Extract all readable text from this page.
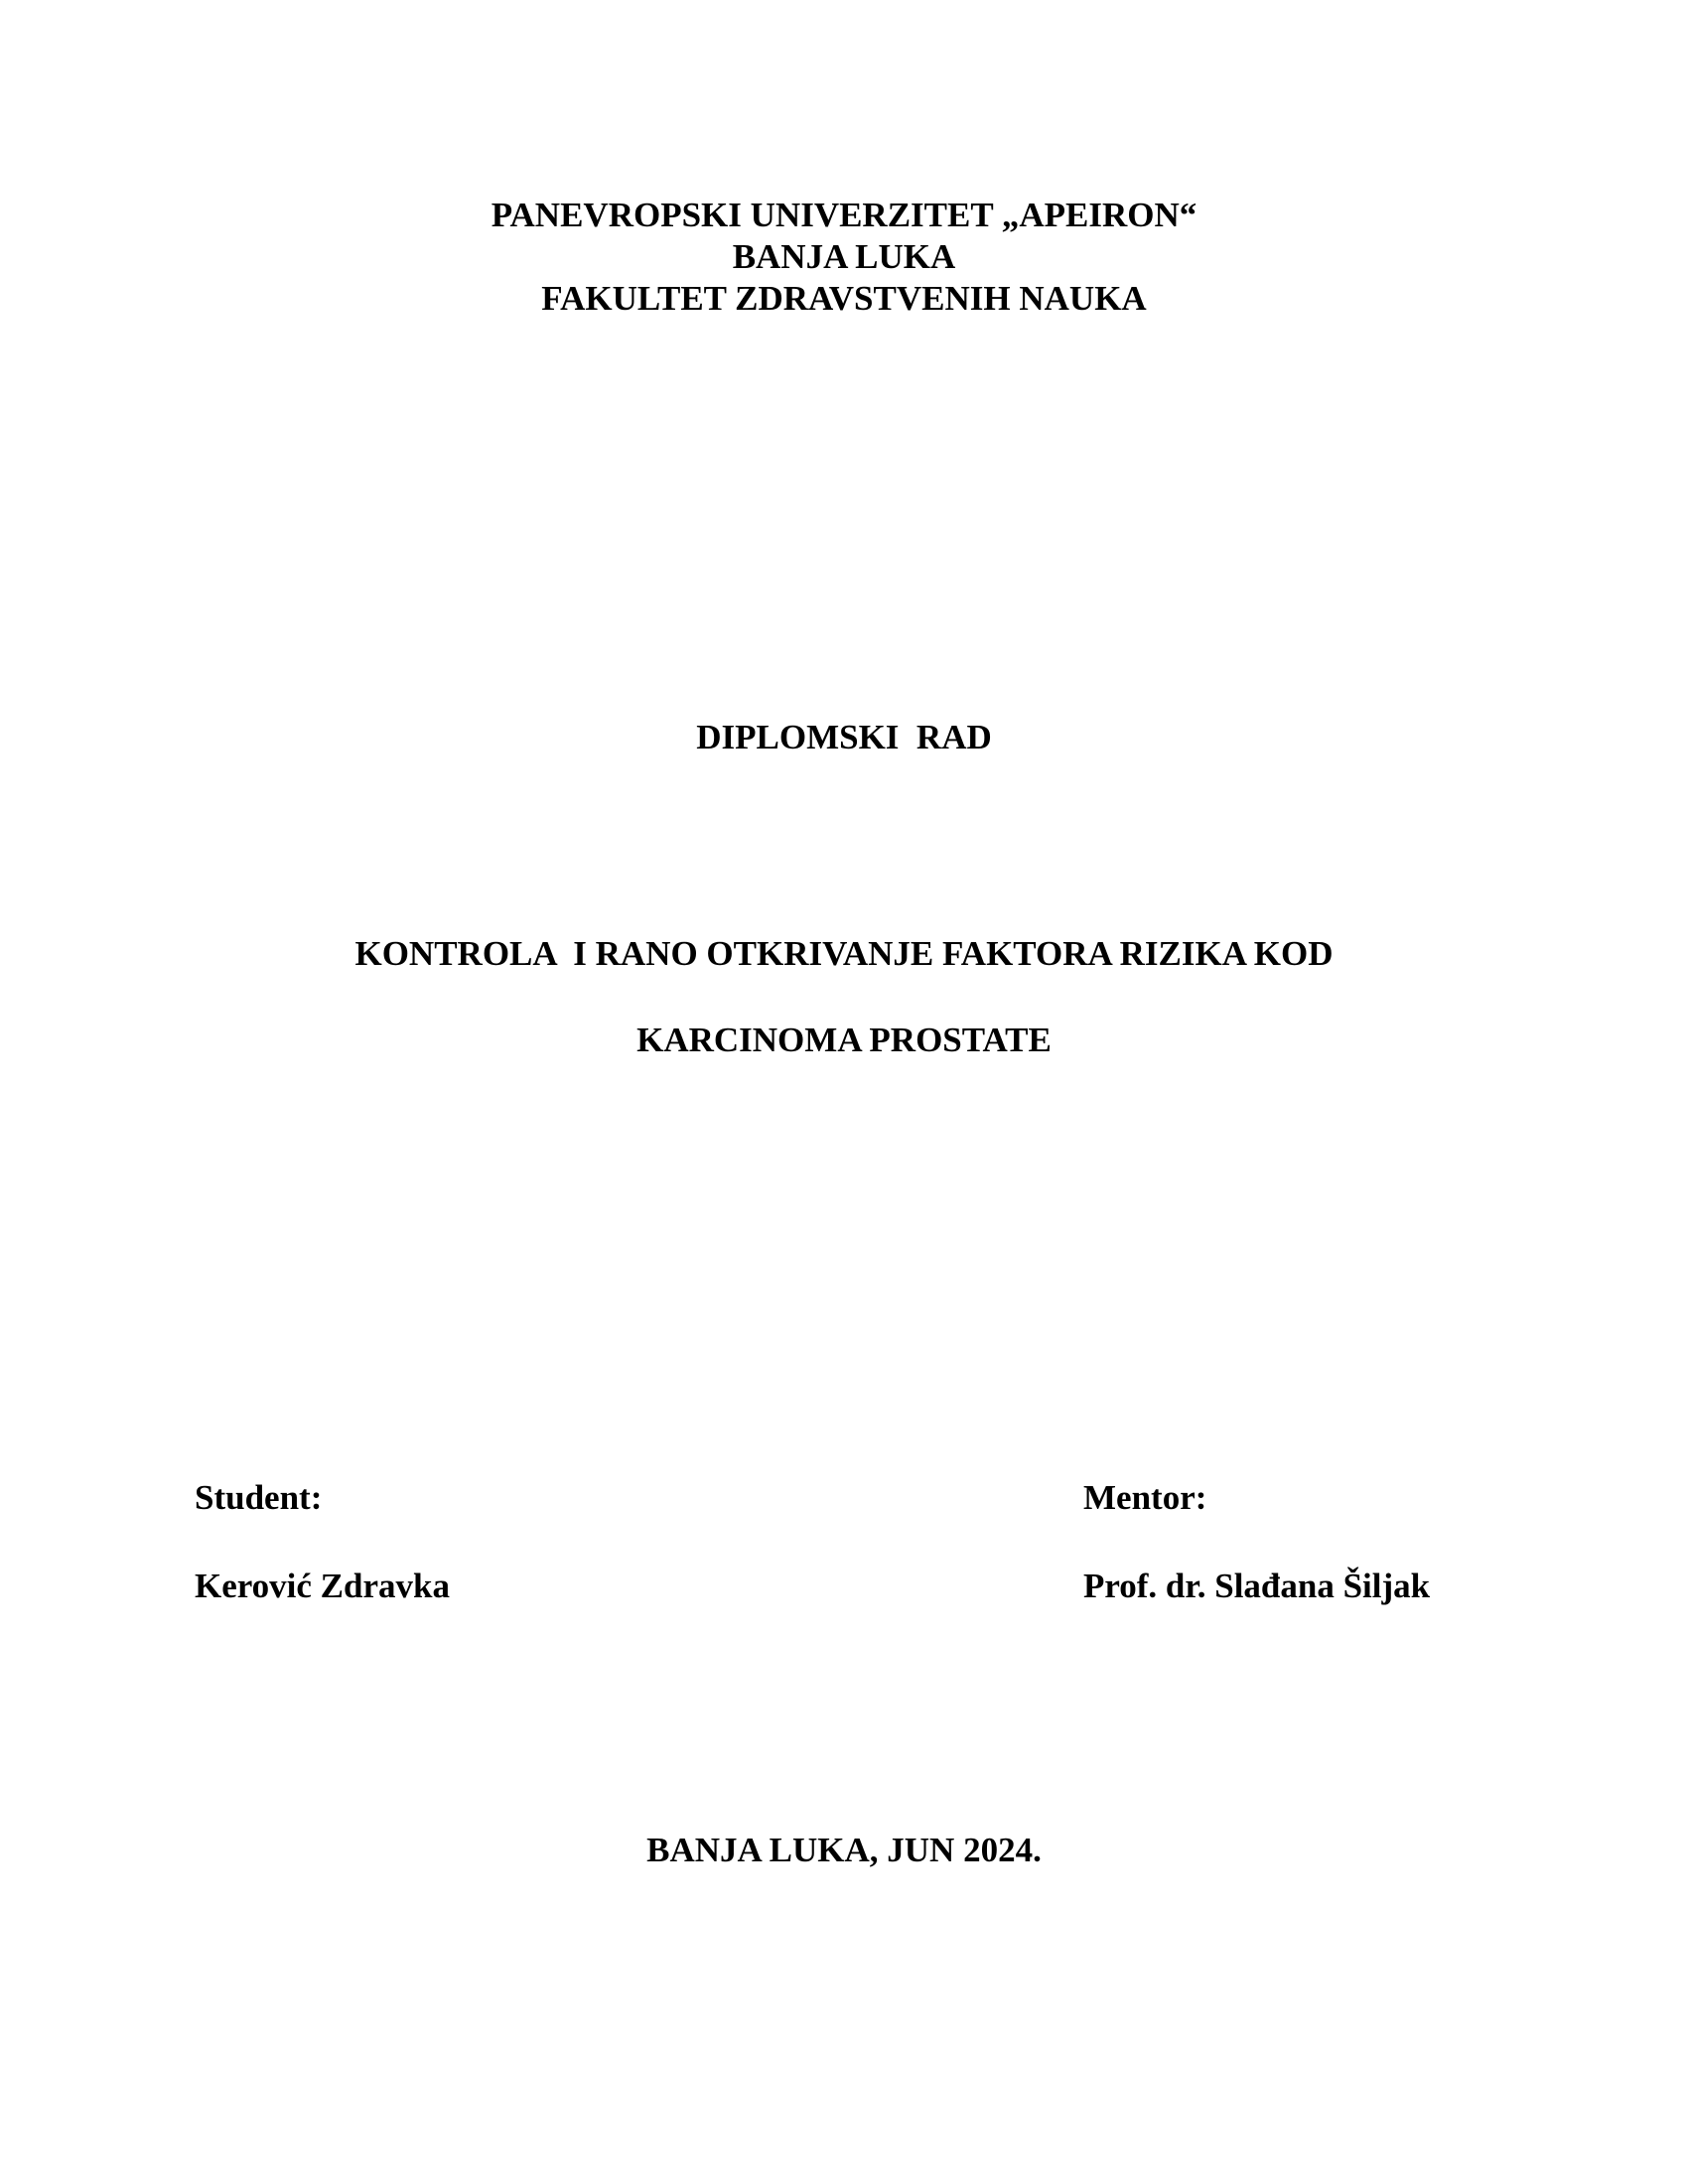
PANEVROPSKI UNIVERZITET „APEIRON“
BANJA LUKA
FAKULTET ZDRAVSTVENIH NAUKA
DIPLOMSKI  RAD
KONTROLA  I RANO OTKRIVANJE FAKTORA RIZIKA KOD
KARCINOMA PROSTATE
Student:
Kerović Zdravka
Mentor:
Prof. dr. Slađana Šiljak
BANJA LUKA, JUN 2024.
